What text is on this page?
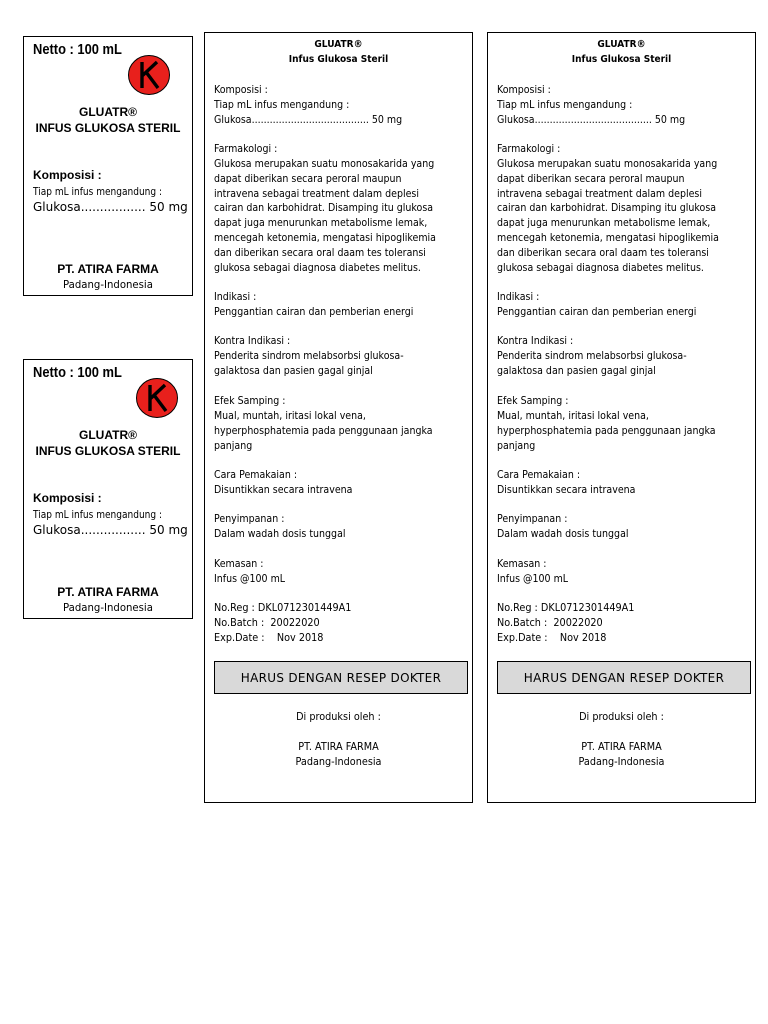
Netto : 100 mL
GLUATR®
INFUS GLUKOSA STERIL
Komposisi :
Tiap mL infus mengandung :
Glukosa................. 50 mg
PT. ATIRA FARMA
Padang-Indonesia
Netto : 100 mL
GLUATR®
INFUS GLUKOSA STERIL
Komposisi :
Tiap mL infus mengandung :
Glukosa................. 50 mg
PT. ATIRA FARMA
Padang-Indonesia
GLUATR®
Infus Glukosa Steril
Komposisi :
Tiap mL infus mengandung :
Glukosa....................................... 50 mg
Farmakologi :
Glukosa merupakan suatu monosakarida yang
dapat diberikan secara peroral maupun
intravena sebagai treatment dalam deplesi
cairan dan karbohidrat. Disamping itu glukosa
dapat juga menurunkan metabolisme lemak,
mencegah ketonemia, mengatasi hipoglikemia
dan diberikan secara oral daam tes toleransi
glukosa sebagai diagnosa diabetes melitus.
Indikasi :
Penggantian cairan dan pemberian energi
Kontra Indikasi :
Penderita sindrom melabsorbsi glukosa-
galaktosa dan pasien gagal ginjal
Efek Samping :
Mual, muntah, iritasi lokal vena,
hyperphosphatemia pada penggunaan jangka
panjang
Cara Pemakaian :
Disuntikkan secara intravena
Penyimpanan :
Dalam wadah dosis tunggal
Kemasan :
Infus @100 mL
No.Reg : DKL0712301449A1
No.Batch : 20022020
Exp.Date : Nov 2018
HARUS DENGAN RESEP DOKTER
Di produksi oleh :
PT. ATIRA FARMA
Padang-Indonesia
GLUATR®
Infus Glukosa Steril
Komposisi :
Tiap mL infus mengandung :
Glukosa....................................... 50 mg
Farmakologi :
Glukosa merupakan suatu monosakarida yang
dapat diberikan secara peroral maupun
intravena sebagai treatment dalam deplesi
cairan dan karbohidrat. Disamping itu glukosa
dapat juga menurunkan metabolisme lemak,
mencegah ketonemia, mengatasi hipoglikemia
dan diberikan secara oral daam tes toleransi
glukosa sebagai diagnosa diabetes melitus.
Indikasi :
Penggantian cairan dan pemberian energi
Kontra Indikasi :
Penderita sindrom melabsorbsi glukosa-
galaktosa dan pasien gagal ginjal
Efek Samping :
Mual, muntah, iritasi lokal vena,
hyperphosphatemia pada penggunaan jangka
panjang
Cara Pemakaian :
Disuntikkan secara intravena
Penyimpanan :
Dalam wadah dosis tunggal
Kemasan :
Infus @100 mL
No.Reg : DKL0712301449A1
No.Batch : 20022020
Exp.Date : Nov 2018
HARUS DENGAN RESEP DOKTER
Di produksi oleh :
PT. ATIRA FARMA
Padang-Indonesia
